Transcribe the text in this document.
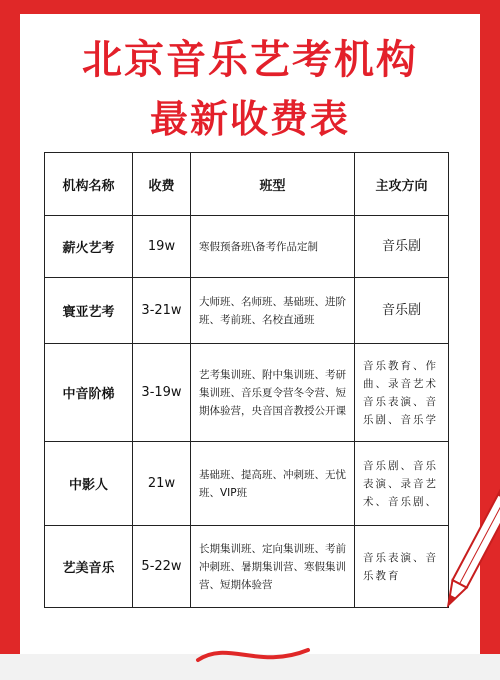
北京音乐艺考机构
最新收费表
机构名称	收费	班型	主攻方向
薪火艺考	19w	寒假预备班\备考作品定制	音乐剧
寰亚艺考	3-21w	大师班、名师班、基础班、进阶班、考前班、名校直通班	音乐剧
中音阶梯	3-19w	艺考集训班、附中集训班、考研集训班、音乐夏令营冬令营、短期体验营，央音国音教授公开课	音乐教育、作曲、录音艺术音乐表演、音乐剧、音乐学
中影人	21w	基础班、提高班、冲刺班、无忧班、VIP班	音乐剧、音乐表演、录音艺术、音乐剧、
艺美音乐	5-22w	长期集训班、定向集训班、考前冲刺班、暑期集训营、寒假集训营、短期体验营	音乐表演、音乐教育
